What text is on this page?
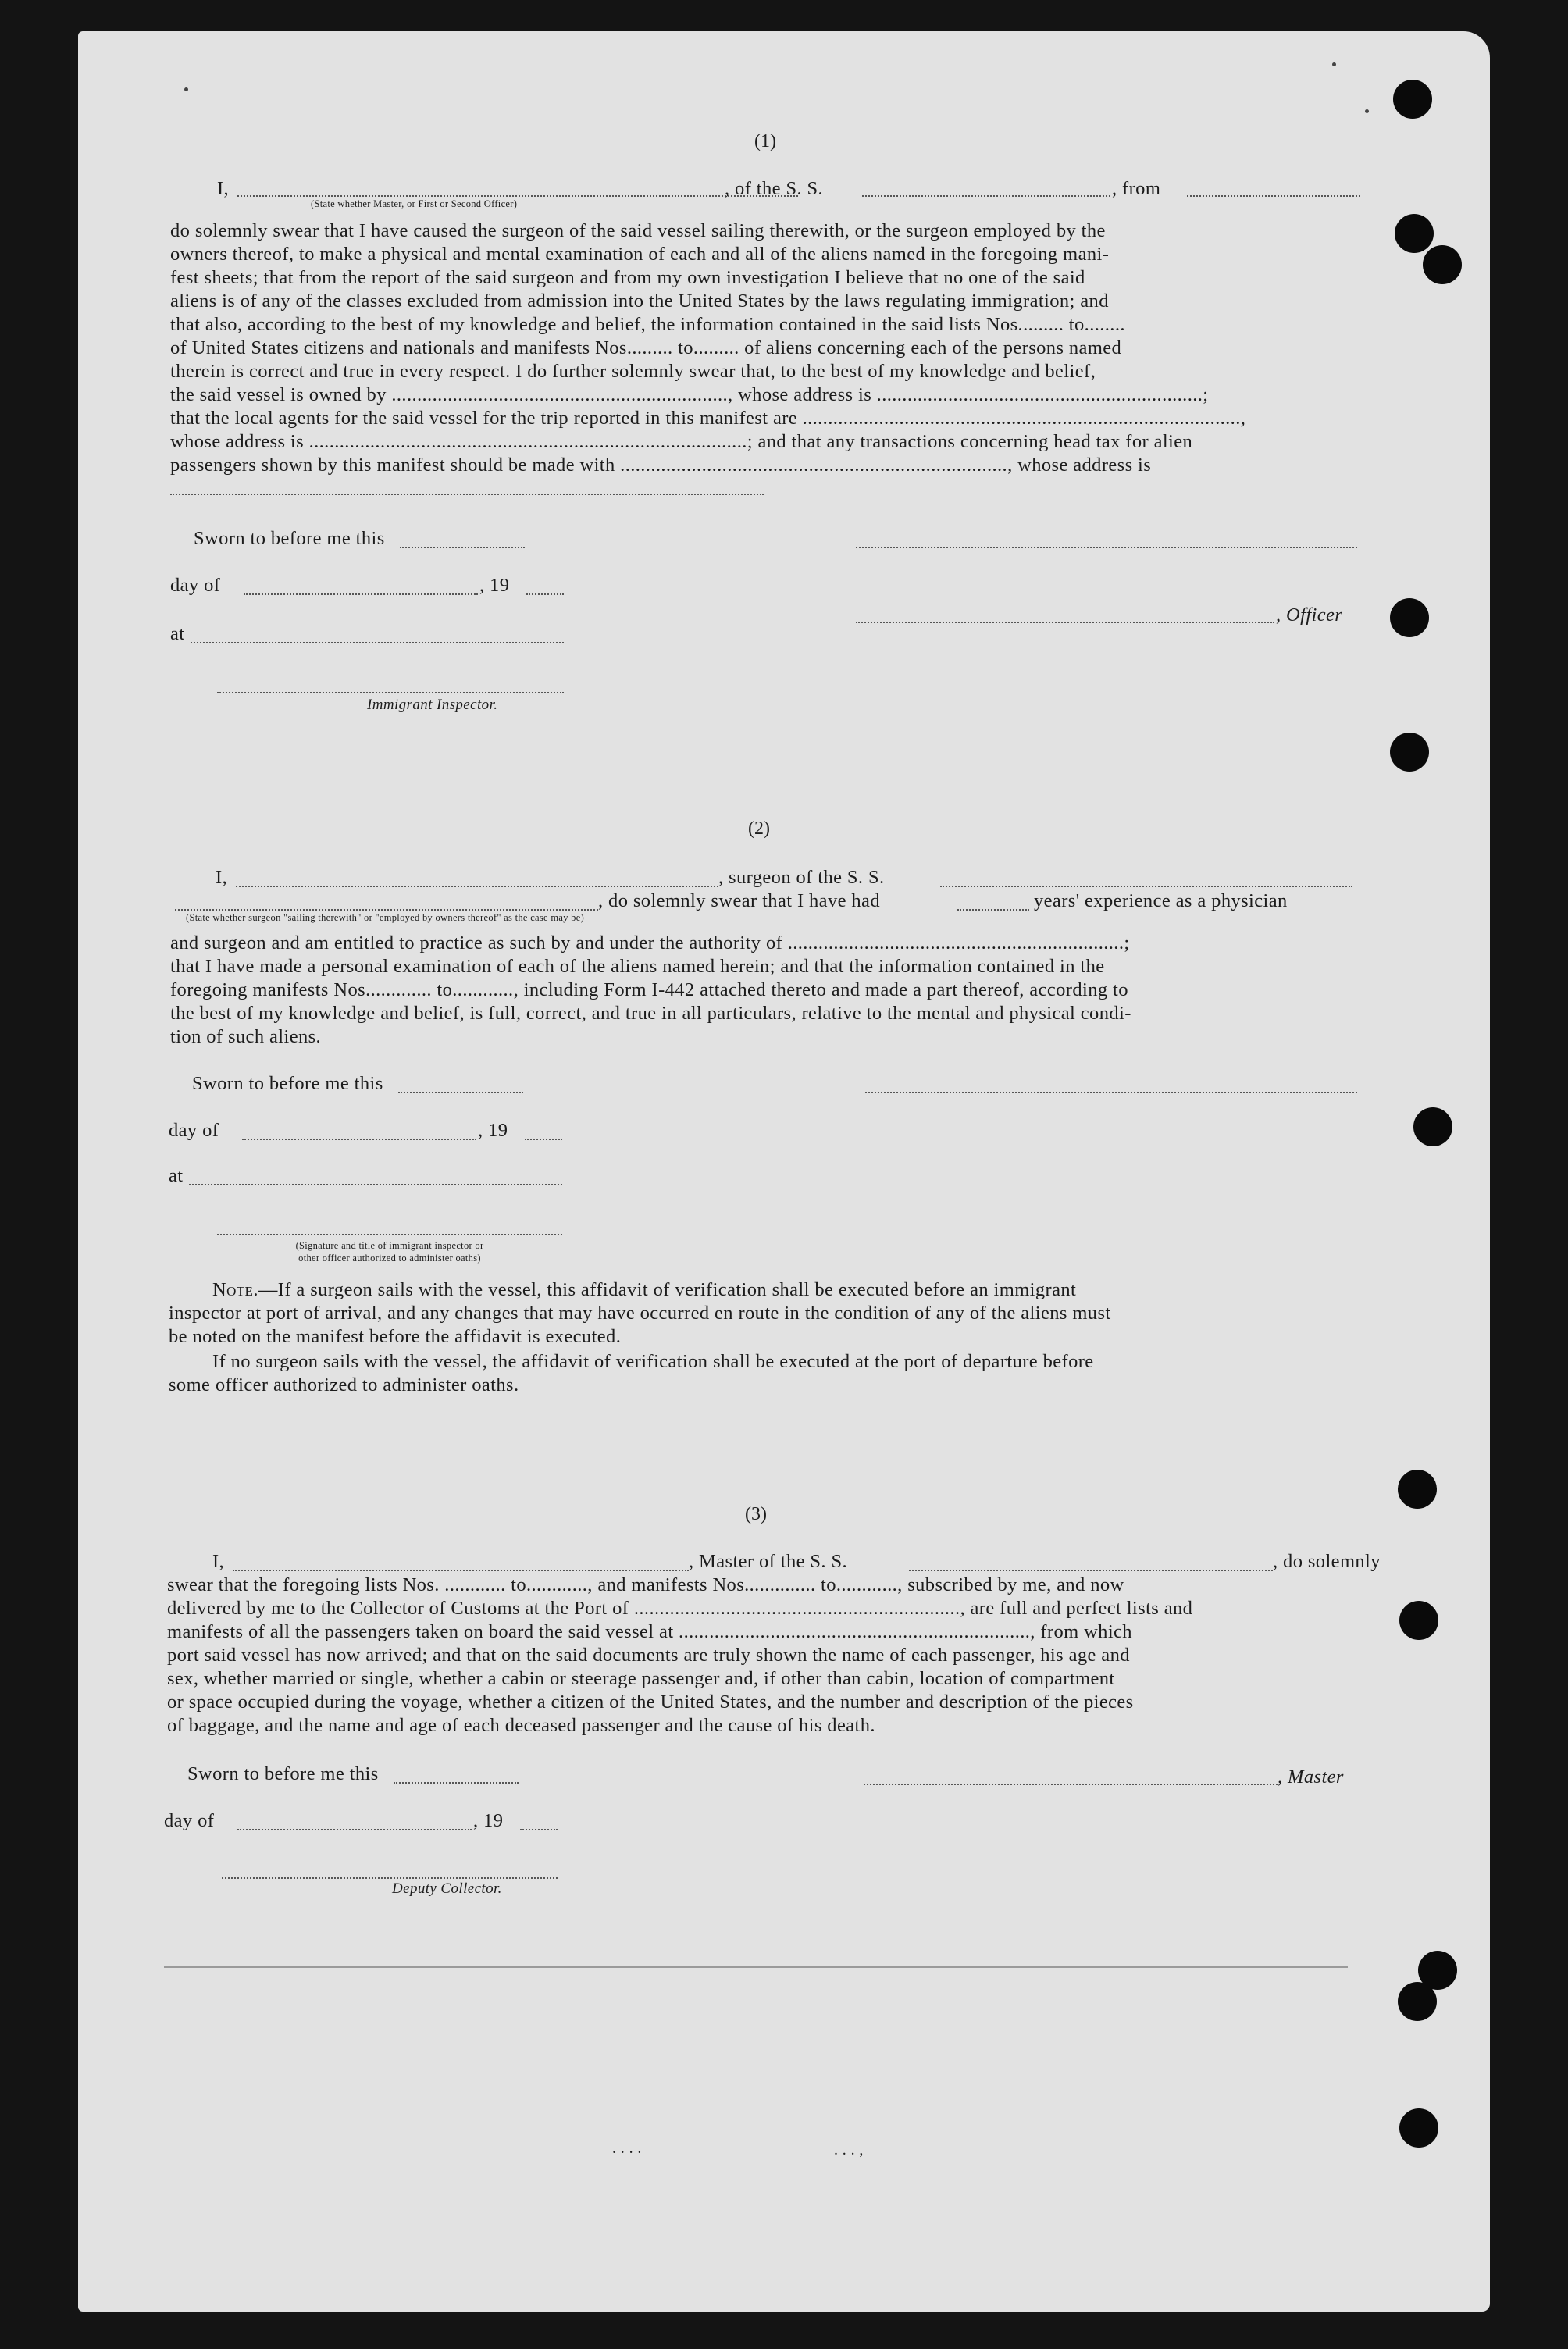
(1)
I,	, of the S. S.	, from
(State whether Master, or First or Second Officer)
do solemnly swear that I have caused the surgeon of the said vessel sailing therewith, or the surgeon employed by the
owners thereof, to make a physical and mental examination of each and all of the aliens named in the foregoing mani-
fest sheets; that from the report of the said surgeon and from my own investigation I believe that no one of the said
aliens is of any of the classes excluded from admission into the United States by the laws regulating immigration; and
that also, according to the best of my knowledge and belief, the information contained in the said lists Nos......... to........
of United States citizens and nationals and manifests Nos......... to......... of aliens concerning each of the persons named
therein is correct and true in every respect. I do further solemnly swear that, to the best of my knowledge and belief,
the said vessel is owned by .................................................................., whose address is ................................................................;
that the local agents for the said vessel for the trip reported in this manifest are ......................................................................................,
whose address is ......................................................................................; and that any transactions concerning head tax for alien
passengers shown by this manifest should be made with ............................................................................, whose address is
Sworn to before me this
day of	, 19
, Officer
at
Immigrant Inspector.
(2)
I,	, surgeon of the S. S.
, do solemnly swear that I have had	years' experience as a physician
(State whether surgeon "sailing therewith" or "employed by owners thereof" as the case may be)
and surgeon and am entitled to practice as such by and under the authority of ..................................................................;
that I have made a personal examination of each of the aliens named herein; and that the information contained in the
foregoing manifests Nos............. to............, including Form I-442 attached thereto and made a part thereof, according to
the best of my knowledge and belief, is full, correct, and true in all particulars, relative to the mental and physical condi-
tion of such aliens.
Sworn to before me this
day of	, 19
at
(Signature and title of immigrant inspector or
other officer authorized to administer oaths)
Note.—If a surgeon sails with the vessel, this affidavit of verification shall be executed before an immigrant
inspector at port of arrival, and any changes that may have occurred en route in the condition of any of the aliens must
be noted on the manifest before the affidavit is executed.
If no surgeon sails with the vessel, the affidavit of verification shall be executed at the port of departure before
some officer authorized to administer oaths.
(3)
I,	, Master of the S. S.	, do solemnly
swear that the foregoing lists Nos. ............ to............, and manifests Nos.............. to............, subscribed by me, and now
delivered by me to the Collector of Customs at the Port of ................................................................, are full and perfect lists and
manifests of all the passengers taken on board the said vessel at ....................................................................., from which
port said vessel has now arrived; and that on the said documents are truly shown the name of each passenger, his age and
sex, whether married or single, whether a cabin or steerage passenger and, if other than cabin, location of compartment
or space occupied during the voyage, whether a citizen of the United States, and the number and description of the pieces
of baggage, and the name and age of each deceased passenger and the cause of his death.
Sworn to before me this	, Master
day of	, 19
Deputy Collector.
. . . .	. . . ,
